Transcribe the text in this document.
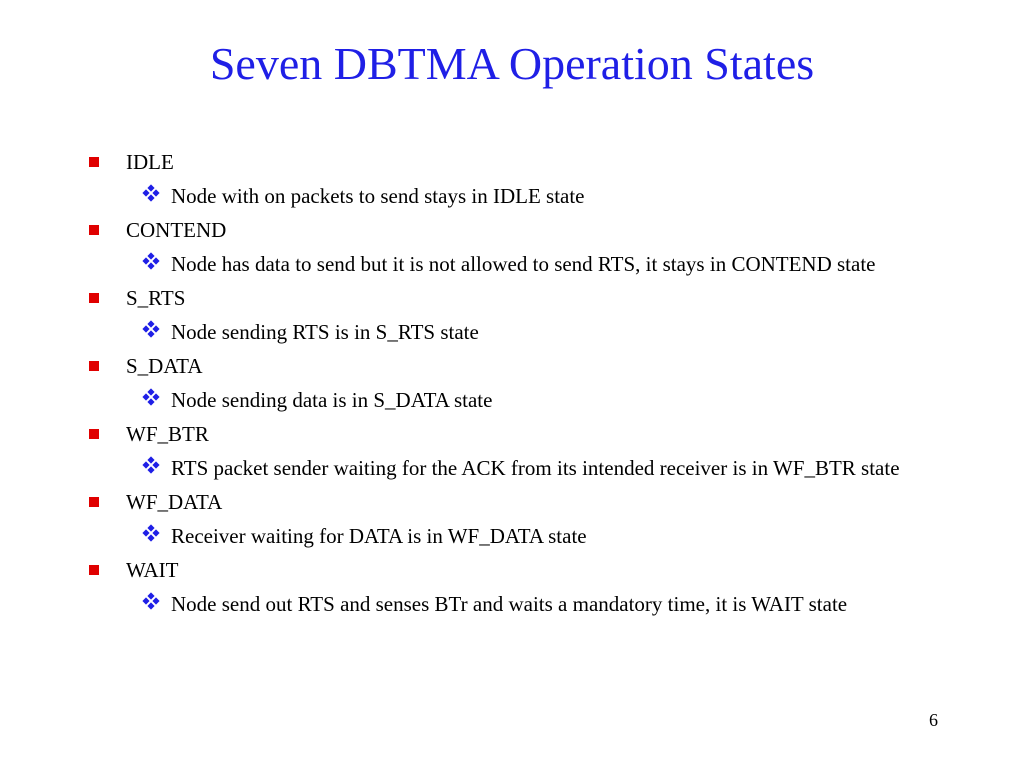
Seven DBTMA Operation States
IDLE
Node with on packets to send stays in IDLE state
CONTEND
Node has data to send but it is not allowed to send RTS, it stays in CONTEND state
S_RTS
Node sending RTS is in S_RTS state
S_DATA
Node sending data is in S_DATA state
WF_BTR
RTS packet sender waiting for the ACK from its intended receiver is in WF_BTR state
WF_DATA
Receiver waiting for DATA is in WF_DATA state
WAIT
Node send out RTS and senses BTr and waits a mandatory time, it is WAIT state
6
